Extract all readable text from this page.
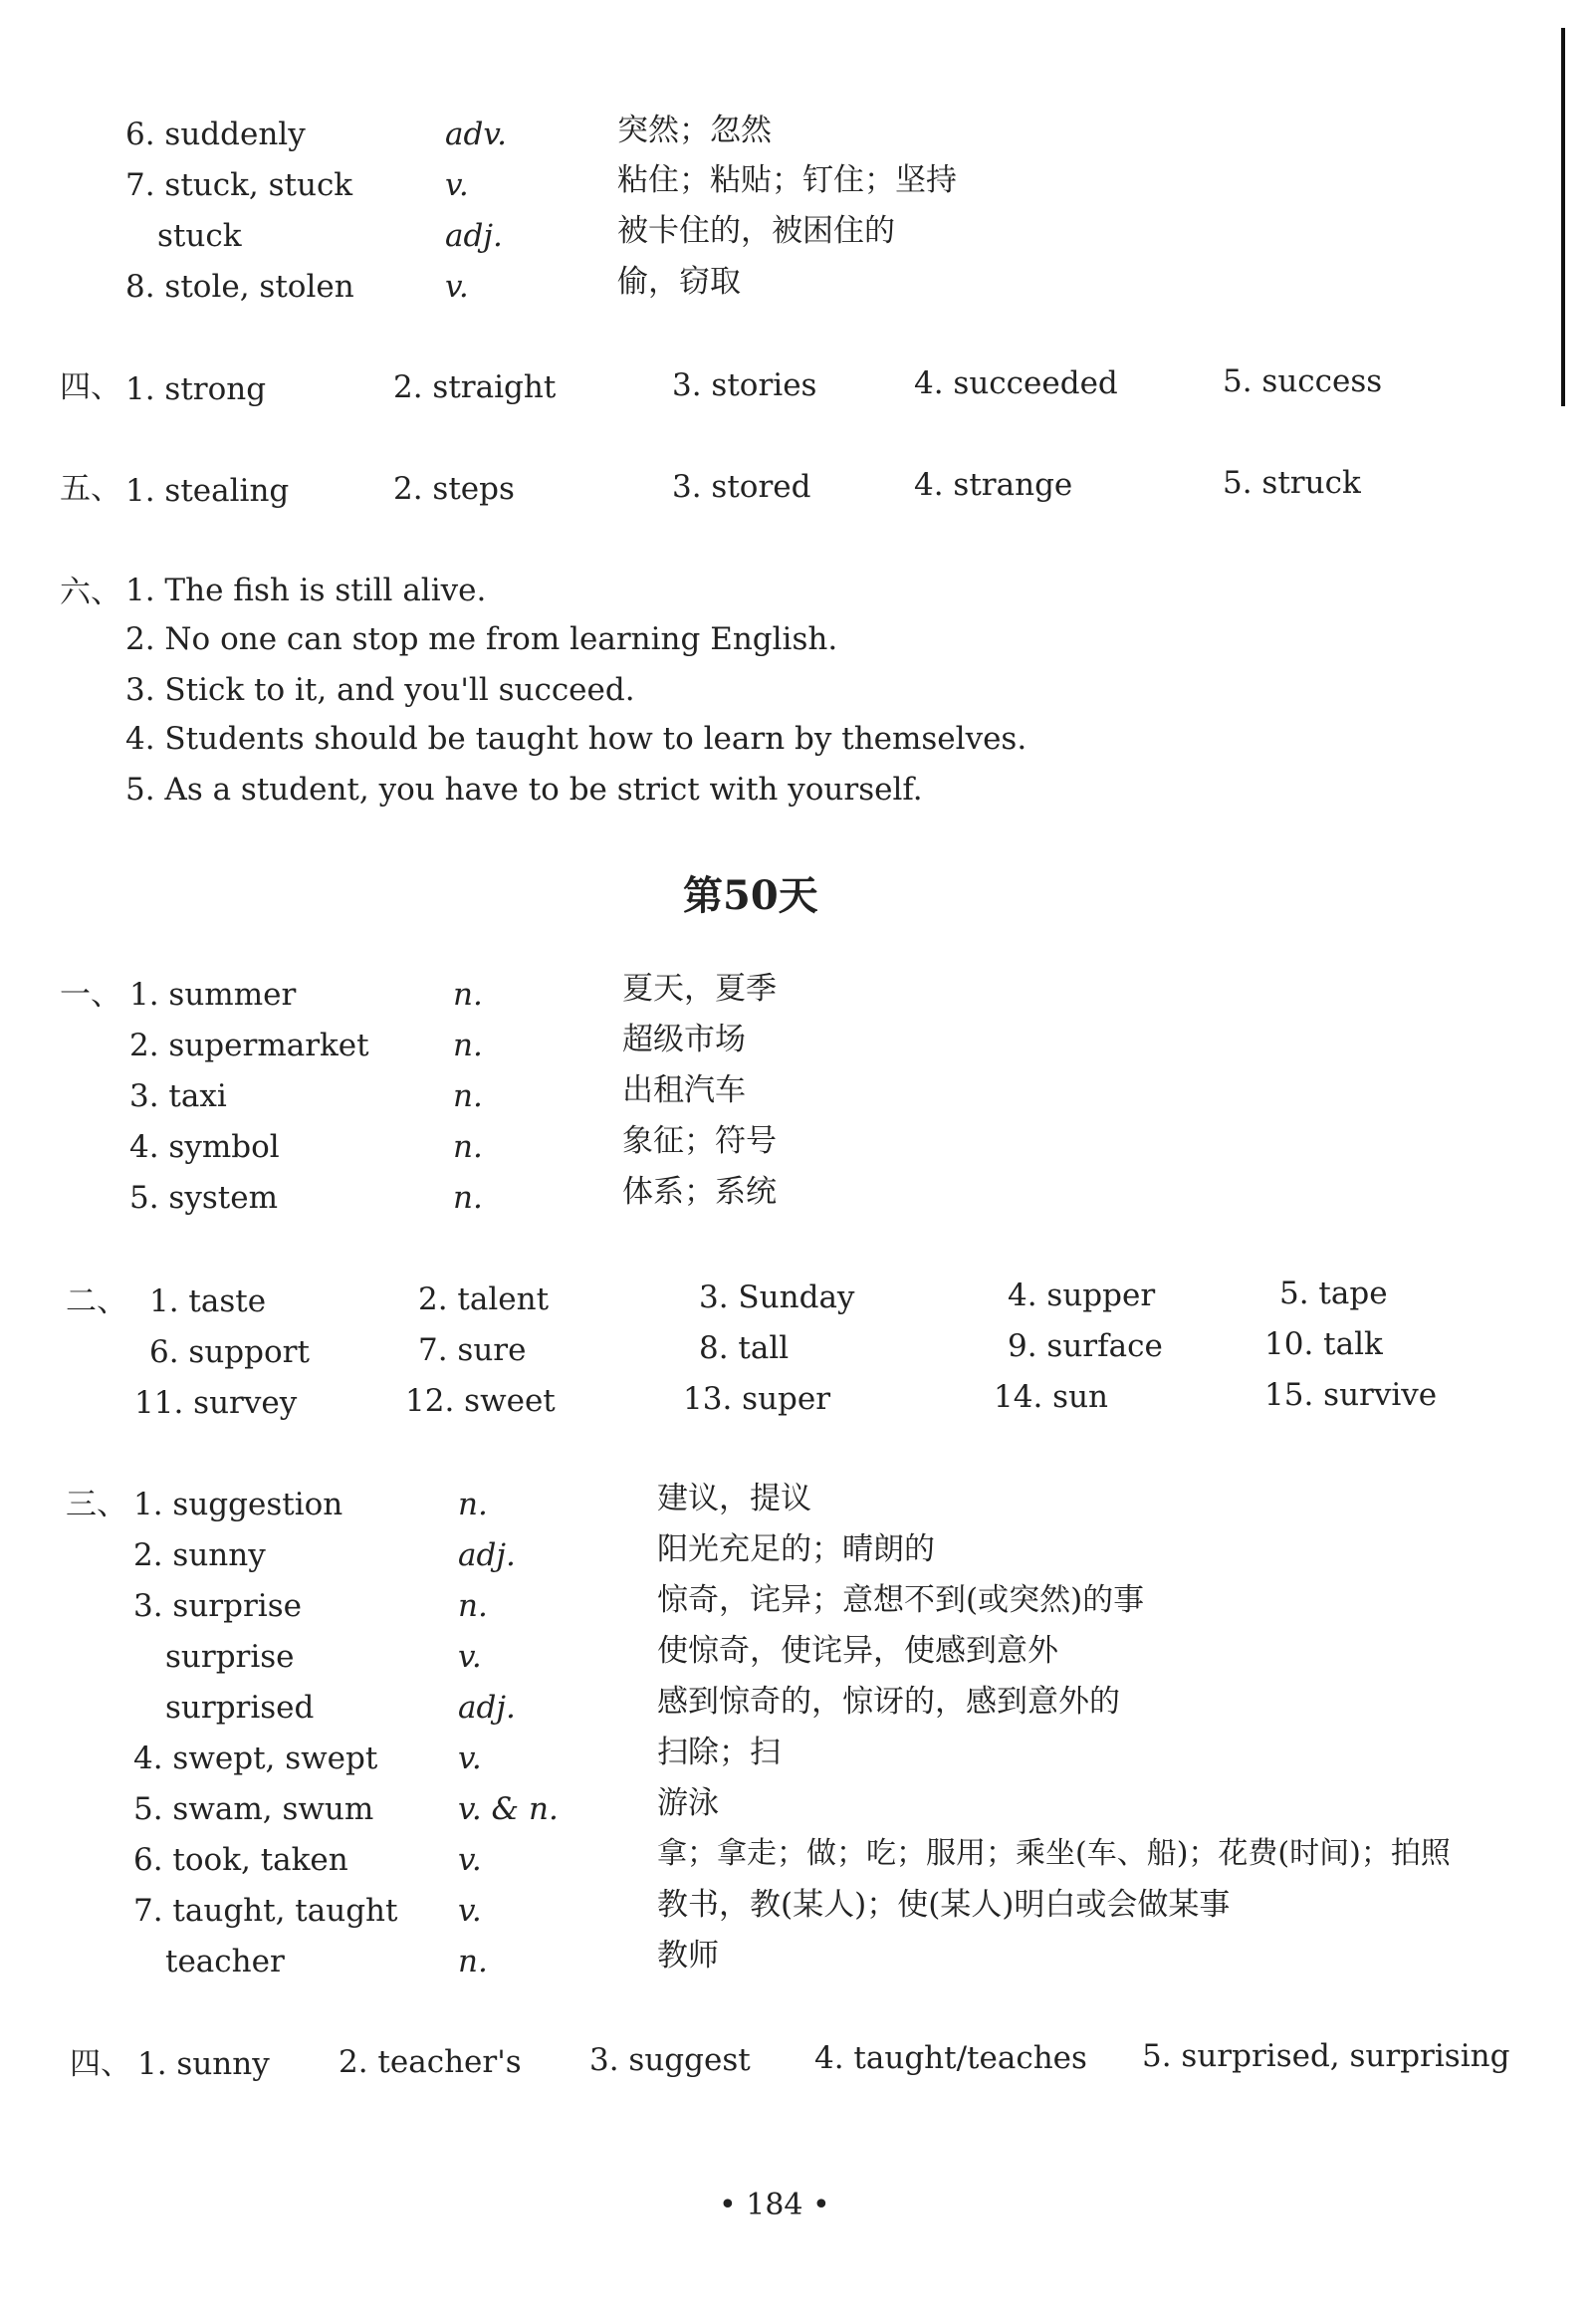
6. suddenly	adv.	突然；忽然
7. stuck, stuck	v.	粘住；粘贴；钉住；坚持
stuck	adj.	被卡住的，被困住的
8. stole, stolen	v.	偷，窃取
四、 1. strong	2. straight	3. stories	4. succeeded	5. success
五、 1. stealing	2. steps	3. stored	4. strange	5. struck
六、 1. The fish is still alive.
2. No one can stop me from learning English.
3. Stick to it, and you'll succeed.
4. Students should be taught how to learn by themselves.
5. As a student, you have to be strict with yourself.
第50天
一、 1. summer	n.	夏天，夏季
2. supermarket	n.	超级市场
3. taxi	n.	出租汽车
4. symbol	n.	象征；符号
5. system	n.	体系；系统
二、 1. taste	2. talent	3. Sunday	4. supper	5. tape
6. support	7. sure	8. tall	9. surface	10. talk
11. survey	12. sweet	13. super	14. sun	15. survive
三、 1. suggestion	n.	建议，提议
2. sunny	adj.	阳光充足的；晴朗的
3. surprise	n.	惊奇，诧异；意想不到(或突然)的事
surprise	v.	使惊奇，使诧异，使感到意外
surprised	adj.	感到惊奇的，惊讶的，感到意外的
4. swept, swept	v.	扫除；扫
5. swam, swum	v. & n.	游泳
6. took, taken	v.	拿；拿走；做；吃；服用；乘坐(车、船)；花费(时间)；拍照
7. taught, taught v.	教书，教(某人)；使(某人)明白或会做某事
teacher	n.	教师
四、 1. sunny 2. teacher's 3. suggest 4. taught/teaches 5. surprised, surprising
• 184 •
